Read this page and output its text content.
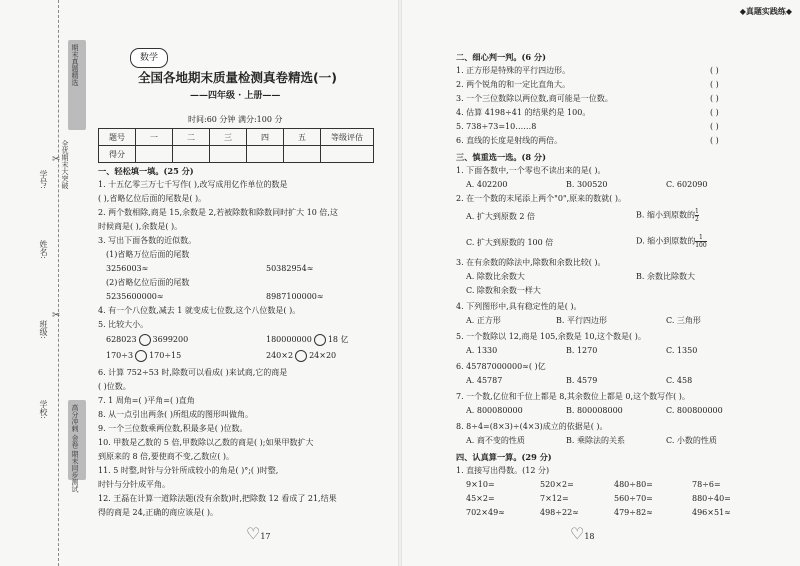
期末真题精选
全优期末大突破
高分冲刺 金卷 期末同步测试
✂
✂
学号:
姓名:
班级:
学校:
数学
全国各地期末质量检测真卷精选(一)
——四年级 · 上册——
时间:60 分钟 满分:100 分
题号	一	二	三	四	五	等级评估
得分						
一、轻松填一填。(25 分)
1. 十五亿零三万七千写作( ),改写成用亿作单位的数是
( ),省略亿位后面的尾数是( )。
2. 两个数相除,商是 15,余数是 2,若被除数和除数同时扩大 10 倍,这
时候商是( ),余数是( )。
3. 写出下面各数的近似数。
(1)省略万位后面的尾数
3256003≈	50382954≈
(2)省略亿位后面的尾数
5235600000≈	8987100000≈
4. 有一个八位数,减去 1 就变成七位数,这个八位数是( )。
5. 比较大小。
628023 3699200	180000000 18 亿
170÷3 170÷15	240×2 24×20
6. 计算 752÷53 时,除数可以看成( )来试商,它的商是
( )位数。
7. 1 周角=( )平角=( )直角
8. 从一点引出两条( )所组成的图形叫做角。
9. 一个三位数乘两位数,积最多是( )位数。
10. 甲数是乙数的 5 倍,甲数除以乙数的商是( );如果甲数扩大
到原来的 8 倍,要使商不变,乙数应( )。
11. 5 时整,时针与分针所成较小的角是( )°;( )时整,
时针与分针成平角。
12. 王磊在计算一道除法题(没有余数)时,把除数 12 看成了 21,结果
得的商是 24,正确的商应该是( )。
♡17
◆真题实践练◆
二、细心判一判。(6 分)
1. 正方形是特殊的平行四边形。	( )
2. 两个锐角的和一定比直角大。	( )
3. 一个三位数除以两位数,商可能是一位数。	( )
4. 估算 4198÷41 的结果约是 100。	( )
5. 738÷73=10……8	( )
6. 直线的长度是射线的两倍。	( )
三、慎重选一选。(8 分)
1. 下面各数中,一个零也不读出来的是( )。
A. 402200	B. 300520	C. 602090
2. 在一个数的末尾添上两个"0",原来的数就( )。
A. 扩大到原数 2 倍	B. 缩小到原数的 $\frac{1}{2}$
C. 扩大到原数的 100 倍	D. 缩小到原数的 $\frac{1}{100}$
3. 在有余数的除法中,除数和余数比较( )。
A. 除数比余数大	B. 余数比除数大
C. 除数和余数一样大
4. 下列图形中,具有稳定性的是( )。
A. 正方形	B. 平行四边形	C. 三角形
5. 一个数除以 12,商是 105,余数是 10,这个数是( )。
A. 1330	B. 1270	C. 1350
6. 45787000000≈( )亿
A. 45787	B. 4579	C. 458
7. 一个数,亿位和千位上都是 8,其余数位上都是 0,这个数写作( )。
A. 800080000	B. 800008000	C. 800800000
8. 8÷4=(8×3)÷(4×3)成立的依据是( )。
A. 商不变的性质	B. 乘除法的关系	C. 小数的性质
四、认真算一算。(29 分)
1. 直接写出得数。(12 分)
9×10=	520×2=	480÷80=	78÷6=
45×2=	7×12=	560÷70=	880÷40=
702×49≈	498÷22≈	479÷82≈	496×51≈
♡18
